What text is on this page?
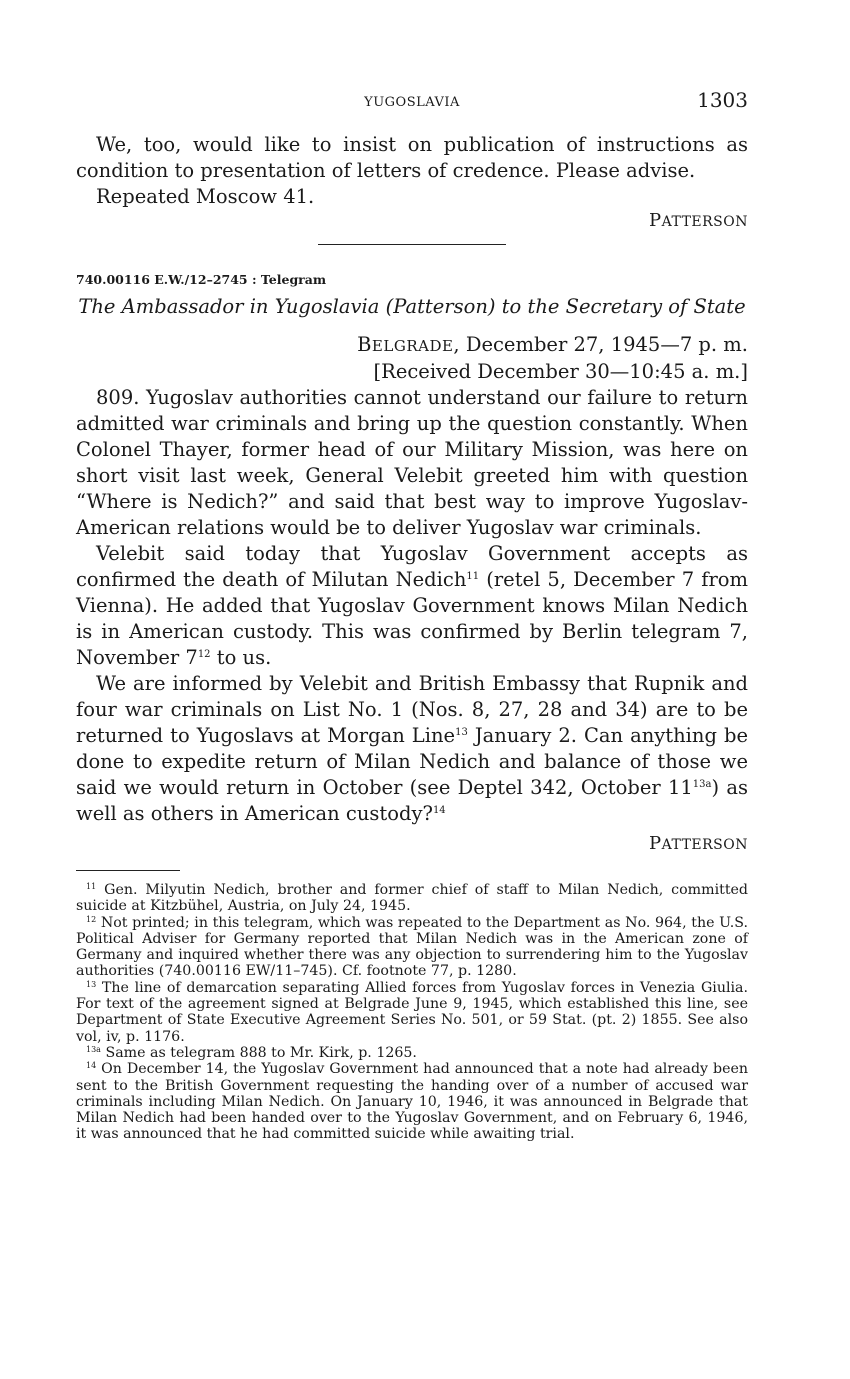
YUGOSLAVIA	1303

We, too, would like to insist on publication of instructions as condition to presentation of letters of credence. Please advise.

Repeated Moscow 41.

PATTERSON

740.00116 E.W./12–2745 : Telegram

The Ambassador in Yugoslavia (Patterson) to the Secretary of State

BELGRADE, December 27, 1945—7 p. m.

[Received December 30—10:45 a. m.]

809. Yugoslav authorities cannot understand our failure to return admitted war criminals and bring up the question constantly. When Colonel Thayer, former head of our Military Mission, was here on short visit last week, General Velebit greeted him with question “Where is Nedich?” and said that best way to improve Yugoslav-American relations would be to deliver Yugoslav war criminals.

Velebit said today that Yugoslav Government accepts as confirmed the death of Milutan Nedich$^{11}$ (retel 5, December 7 from Vienna). He added that Yugoslav Government knows Milan Nedich is in American custody. This was confirmed by Berlin telegram 7, November $7^{12}$ to us.

We are informed by Velebit and British Embassy that Rupnik and four war criminals on List No. 1 (Nos. 8, 27, 28 and 34) are to be returned to Yugoslavs at Morgan Line$^{13}$ January 2. Can anything be done to expedite return of Milan Nedich and balance of those we said we would return in October (see Deptel 342, October $11^{13a}$) as well as others in American custody?$^{14}$

PATTERSON

$^{11}$ Gen. Milyutin Nedich, brother and former chief of staff to Milan Nedich, committed suicide at Kitzbühel, Austria, on July 24, 1945.

$^{12}$ Not printed; in this telegram, which was repeated to the Department as No. 964, the U.S. Political Adviser for Germany reported that Milan Nedich was in the American zone of Germany and inquired whether there was any objection to surrendering him to the Yugoslav authorities (740.00116 EW/11–745). Cf. footnote 77, p. 1280.

$^{13}$ The line of demarcation separating Allied forces from Yugoslav forces in Venezia Giulia. For text of the agreement signed at Belgrade June 9, 1945, which established this line, see Department of State Executive Agreement Series No. 501, or 59 Stat. (pt. 2) 1855. See also vol, iv, p. 1176.

$^{13a}$ Same as telegram 888 to Mr. Kirk, p. 1265.

$^{14}$ On December 14, the Yugoslav Government had announced that a note had already been sent to the British Government requesting the handing over of a number of accused war criminals including Milan Nedich. On January 10, 1946, it was announced in Belgrade that Milan Nedich had been handed over to the Yugoslav Government, and on February 6, 1946, it was announced that he had committed suicide while awaiting trial.
